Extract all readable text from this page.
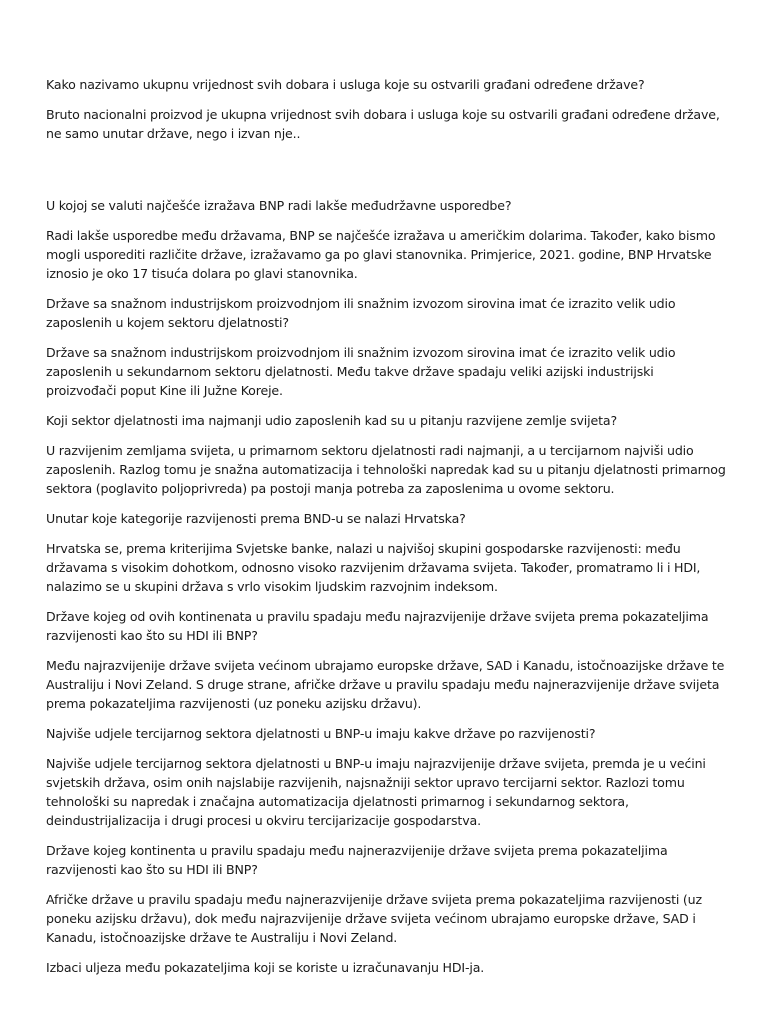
Kako nazivamo ukupnu vrijednost svih dobara i usluga koje su ostvarili građani određene države?

Bruto nacionalni proizvod je ukupna vrijednost svih dobara i usluga koje su ostvarili građani određene države, ne samo unutar države, nego i izvan nje..

U kojoj se valuti najčešće izražava BNP radi lakše međudržavne usporedbe?

Radi lakše usporedbe među državama, BNP se najčešće izražava u američkim dolarima. Također, kako bismo mogli usporediti različite države, izražavamo ga po glavi stanovnika. Primjerice, 2021. godine, BNP Hrvatske iznosio je oko 17 tisuća dolara po glavi stanovnika.

Države sa snažnom industrijskom proizvodnjom ili snažnim izvozom sirovina imat će izrazito velik udio zaposlenih u kojem sektoru djelatnosti?

Države sa snažnom industrijskom proizvodnjom ili snažnim izvozom sirovina imat će izrazito velik udio zaposlenih u sekundarnom sektoru djelatnosti. Među takve države spadaju veliki azijski industrijski proizvođači poput Kine ili Južne Koreje.

Koji sektor djelatnosti ima najmanji udio zaposlenih kad su u pitanju razvijene zemlje svijeta?

U razvijenim zemljama svijeta, u primarnom sektoru djelatnosti radi najmanji, a u tercijarnom najviši udio zaposlenih. Razlog tomu je snažna automatizacija i tehnološki napredak kad su u pitanju djelatnosti primarnog sektora (poglavito poljoprivreda) pa postoji manja potreba za zaposlenima u ovome sektoru.

Unutar koje kategorije razvijenosti prema BND-u se nalazi Hrvatska?

Hrvatska se, prema kriterijima Svjetske banke, nalazi u najvišoj skupini gospodarske razvijenosti: među državama s visokim dohotkom, odnosno visoko razvijenim državama svijeta. Također, promatramo li i HDI, nalazimo se u skupini država s vrlo visokim ljudskim razvojnim indeksom.

Države kojeg od ovih kontinenata u pravilu spadaju među najrazvijenije države svijeta prema pokazateljima razvijenosti kao što su HDI ili BNP?

Među najrazvijenije države svijeta većinom ubrajamo europske države, SAD i Kanadu, istočnoazijske države te Australiju i Novi Zeland. S druge strane, afričke države u pravilu spadaju među najnerazvijenije države svijeta prema pokazateljima razvijenosti (uz poneku azijsku državu).

Najviše udjele tercijarnog sektora djelatnosti u BNP-u imaju kakve države po razvijenosti?

Najviše udjele tercijarnog sektora djelatnosti u BNP-u imaju najrazvijenije države svijeta, premda je u većini svjetskih država, osim onih najslabije razvijenih, najsnažniji sektor upravo tercijarni sektor. Razlozi tomu tehnološki su napredak i značajna automatizacija djelatnosti primarnog i sekundarnog sektora, deindustrijalizacija i drugi procesi u okviru tercijarizacije gospodarstva.

Države kojeg kontinenta u pravilu spadaju među najnerazvijenije države svijeta prema pokazateljima razvijenosti kao što su HDI ili BNP?

Afričke države u pravilu spadaju među najnerazvijenije države svijeta prema pokazateljima razvijenosti (uz poneku azijsku državu), dok među najrazvijenije države svijeta većinom ubrajamo europske države, SAD i Kanadu, istočnoazijske države te Australiju i Novi Zeland.

Izbaci uljeza među pokazateljima koji se koriste u izračunavanju HDI-ja.
